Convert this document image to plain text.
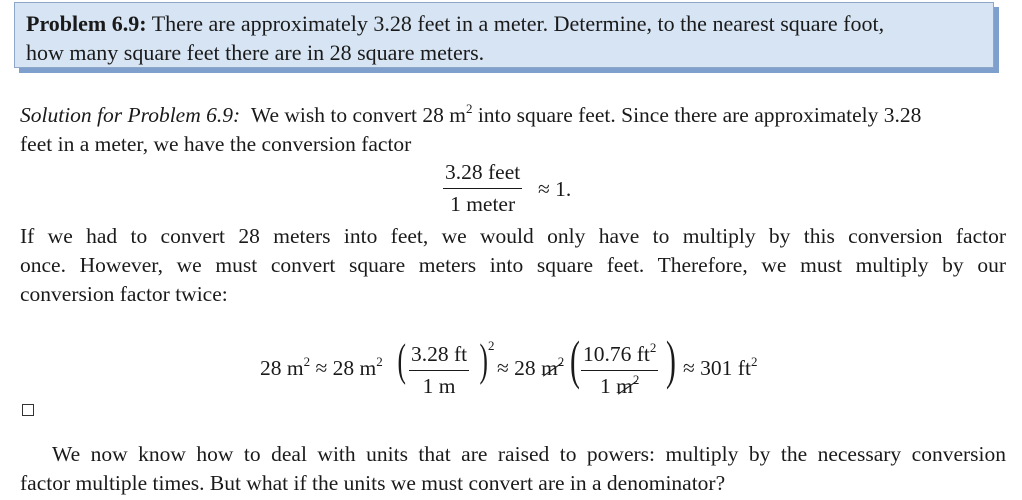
Problem 6.9: There are approximately 3.28 feet in a meter. Determine, to the nearest square foot,
how many square feet there are in 28 square meters.
Solution for Problem 6.9: We wish to convert 28 $m^2$ into square feet. Since there are approximately 3.28
feet in a meter, we have the conversion factor
3.28 feet
1 meter
≈ 1.
If we had to convert 28 meters into feet, we would only have to multiply by this conversion factor
once. However, we must convert square meters into square feet. Therefore, we must multiply by our
conversion factor twice:
28 $m^2 \approx 28$ $m^2$ ( $\frac{3.28 ft}{1 m}$ ) 2
≈ 28 $m^2$ ( $\frac{10.76 ft^2}{1 m^2}$ ) ≈ 301 $ft^2$
We now know how to deal with units that are raised to powers: multiply by the necessary conversion
factor multiple times. But what if the units we must convert are in a denominator?
